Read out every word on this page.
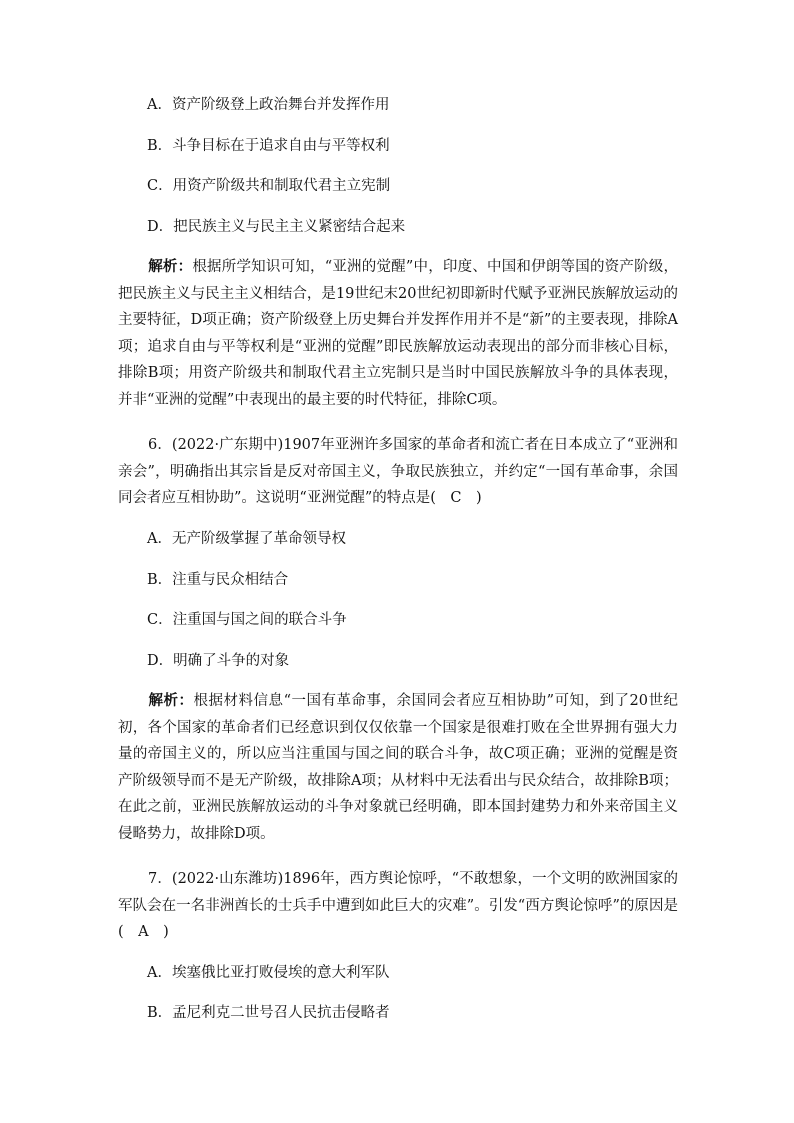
A．资产阶级登上政治舞台并发挥作用
B．斗争目标在于追求自由与平等权利
C．用资产阶级共和制取代君主立宪制
D．把民族主义与民主主义紧密结合起来
解析：根据所学知识可知，“亚洲的觉醒”中，印度、中国和伊朗等国的资产阶级，把民族主义与民主主义相结合，是19世纪末20世纪初即新时代赋予亚洲民族解放运动的主要特征，D项正确；资产阶级登上历史舞台并发挥作用并不是“新”的主要表现，排除A项；追求自由与平等权利是“亚洲的觉醒”即民族解放运动表现出的部分而非核心目标，排除B项；用资产阶级共和制取代君主立宪制只是当时中国民族解放斗争的具体表现，并非“亚洲的觉醒”中表现出的最主要的时代特征，排除C项。
6．(2022·广东期中)1907年亚洲许多国家的革命者和流亡者在日本成立了“亚洲和亲会”，明确指出其宗旨是反对帝国主义，争取民族独立，并约定“一国有革命事，余国同会者应互相协助”。这说明“亚洲觉醒”的特点是(　C　)
A．无产阶级掌握了革命领导权
B．注重与民众相结合
C．注重国与国之间的联合斗争
D．明确了斗争的对象
解析：根据材料信息“一国有革命事，余国同会者应互相协助”可知，到了20世纪初，各个国家的革命者们已经意识到仅仅依靠一个国家是很难打败在全世界拥有强大力量的帝国主义的，所以应当注重国与国之间的联合斗争，故C项正确；亚洲的觉醒是资产阶级领导而不是无产阶级，故排除A项；从材料中无法看出与民众结合，故排除B项；在此之前，亚洲民族解放运动的斗争对象就已经明确，即本国封建势力和外来帝国主义侵略势力，故排除D项。
7．(2022·山东潍坊)1896年，西方舆论惊呼，“不敢想象，一个文明的欧洲国家的军队会在一名非洲酋长的士兵手中遭到如此巨大的灾难”。引发“西方舆论惊呼”的原因是(　A　)
A．埃塞俄比亚打败侵埃的意大利军队
B．孟尼利克二世号召人民抗击侵略者
